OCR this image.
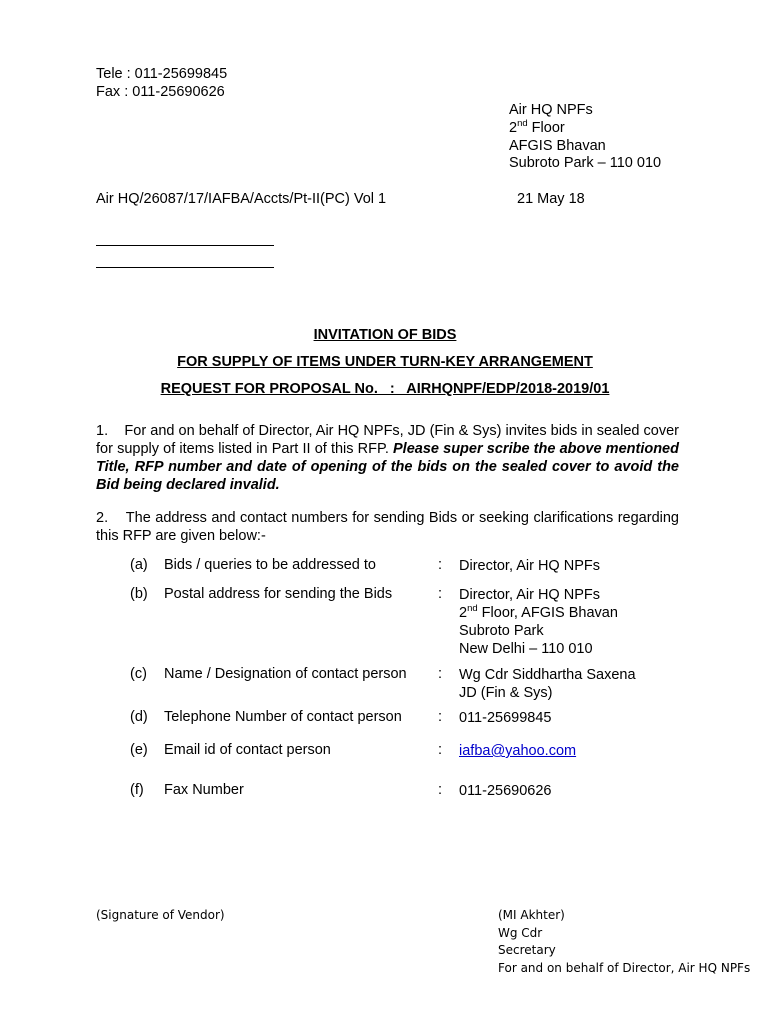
Tele : 011-25699845
Fax : 011-25690626
Air HQ NPFs
2nd Floor
AFGIS Bhavan
Subroto Park – 110 010
Air HQ/26087/17/IAFBA/Accts/Pt-II(PC) Vol 1	21 May 18
INVITATION OF BIDS
FOR SUPPLY OF ITEMS UNDER TURN-KEY ARRANGEMENT
REQUEST FOR PROPOSAL No.   :   AIRHQNPF/EDP/2018-2019/01
1.    For and on behalf of Director, Air HQ NPFs, JD (Fin & Sys) invites bids in sealed cover for supply of items listed in Part II of this RFP. Please super scribe the above mentioned Title, RFP number and date of opening of the bids on the sealed cover to avoid the Bid being declared invalid.
2.    The address and contact numbers for sending Bids or seeking clarifications regarding this RFP are given below:-
(a) Bids / queries to be addressed to	: Director, Air HQ NPFs
(b) Postal address for sending the Bids	: Director, Air HQ NPFs
2nd Floor, AFGIS Bhavan
Subroto Park
New Delhi – 110 010
(c) Name / Designation of contact person : Wg Cdr Siddhartha Saxena
JD (Fin & Sys)
(d) Telephone Number of contact person : 011-25699845
(e) Email id of contact person	: iafba@yahoo.com
(f) Fax Number	: 011-25690626
(Signature of Vendor)	(MI Akhter)
Wg Cdr
Secretary
For and on behalf of Director, Air HQ NPFs
